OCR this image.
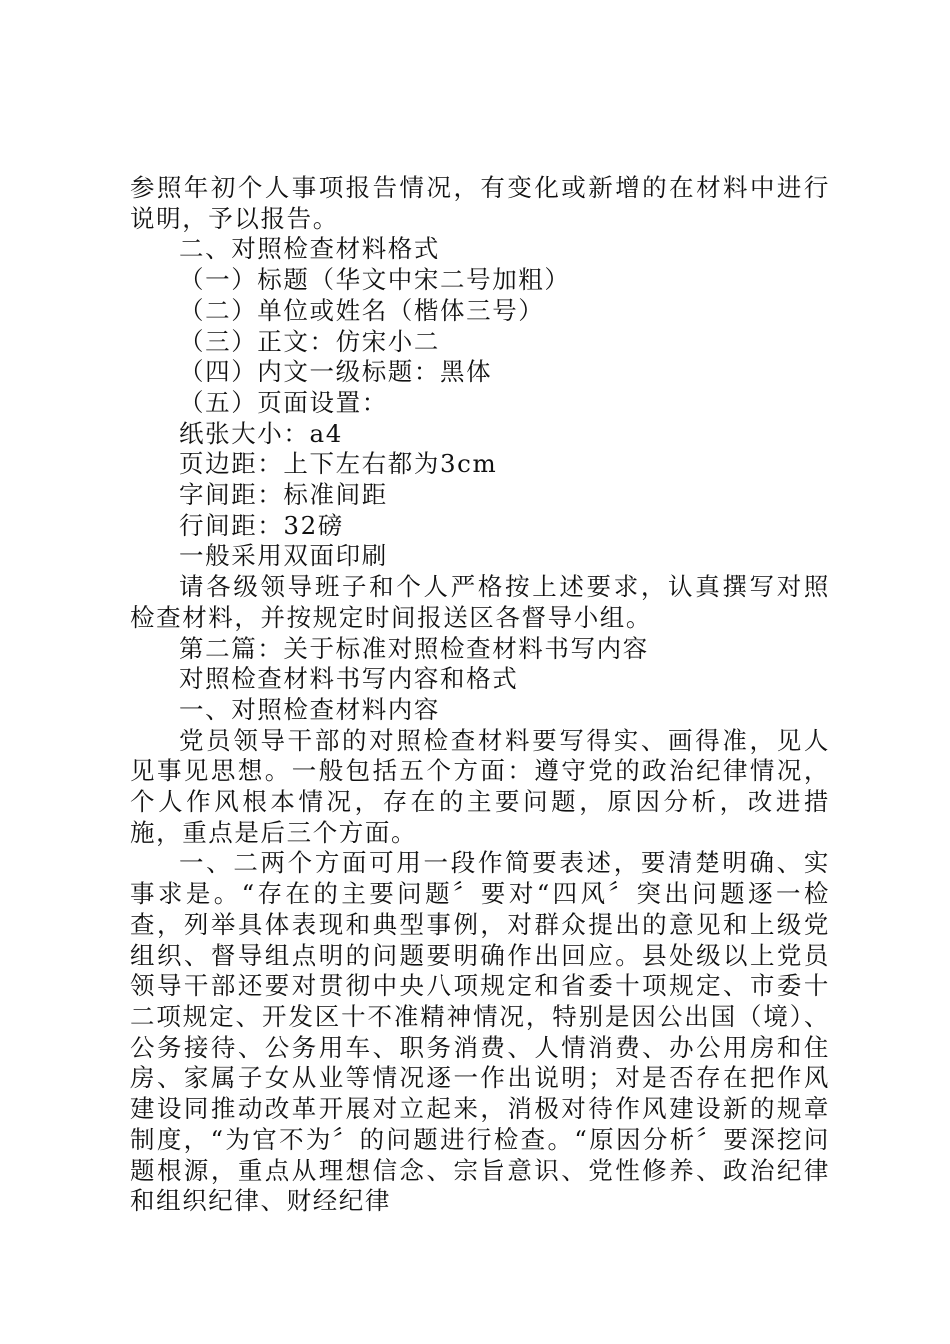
参照年初个人事项报告情况，有变化或新增的在材料中进行说明，予以报告。

二、对照检查材料格式

（一）标题（华文中宋二号加粗）

（二）单位或姓名（楷体三号）

（三）正文：仿宋小二

（四）内文一级标题：黑体

（五）页面设置：

纸张大小：a4

页边距：上下左右都为3cm

字间距：标准间距

行间距：32磅

一般采用双面印刷

请各级领导班子和个人严格按上述要求，认真撰写对照检查材料，并按规定时间报送区各督导小组。

第二篇：关于标准对照检查材料书写内容

对照检查材料书写内容和格式

一、对照检查材料内容

党员领导干部的对照检查材料要写得实、画得准，见人见事见思想。一般包括五个方面：遵守党的政治纪律情况，个人作风根本情况，存在的主要问题，原因分析，改进措施，重点是后三个方面。

一、二两个方面可用一段作简要表述，要清楚明确、实事求是。“存在的主要问题〞要对“四风〞突出问题逐一检查，列举具体表现和典型事例，对群众提出的意见和上级党组织、督导组点明的问题要明确作出回应。县处级以上党员领导干部还要对贯彻中央八项规定和省委十项规定、市委十二项规定、开发区十不准精神情况，特别是因公出国（境）、公务接待、公务用车、职务消费、人情消费、办公用房和住房、家属子女从业等情况逐一作出说明；对是否存在把作风建设同推动改革开展对立起来，消极对待作风建设新的规章制度，“为官不为〞的问题进行检查。“原因分析〞要深挖问题根源，重点从理想信念、宗旨意识、党性修养、政治纪律和组织纪律、财经纪律
